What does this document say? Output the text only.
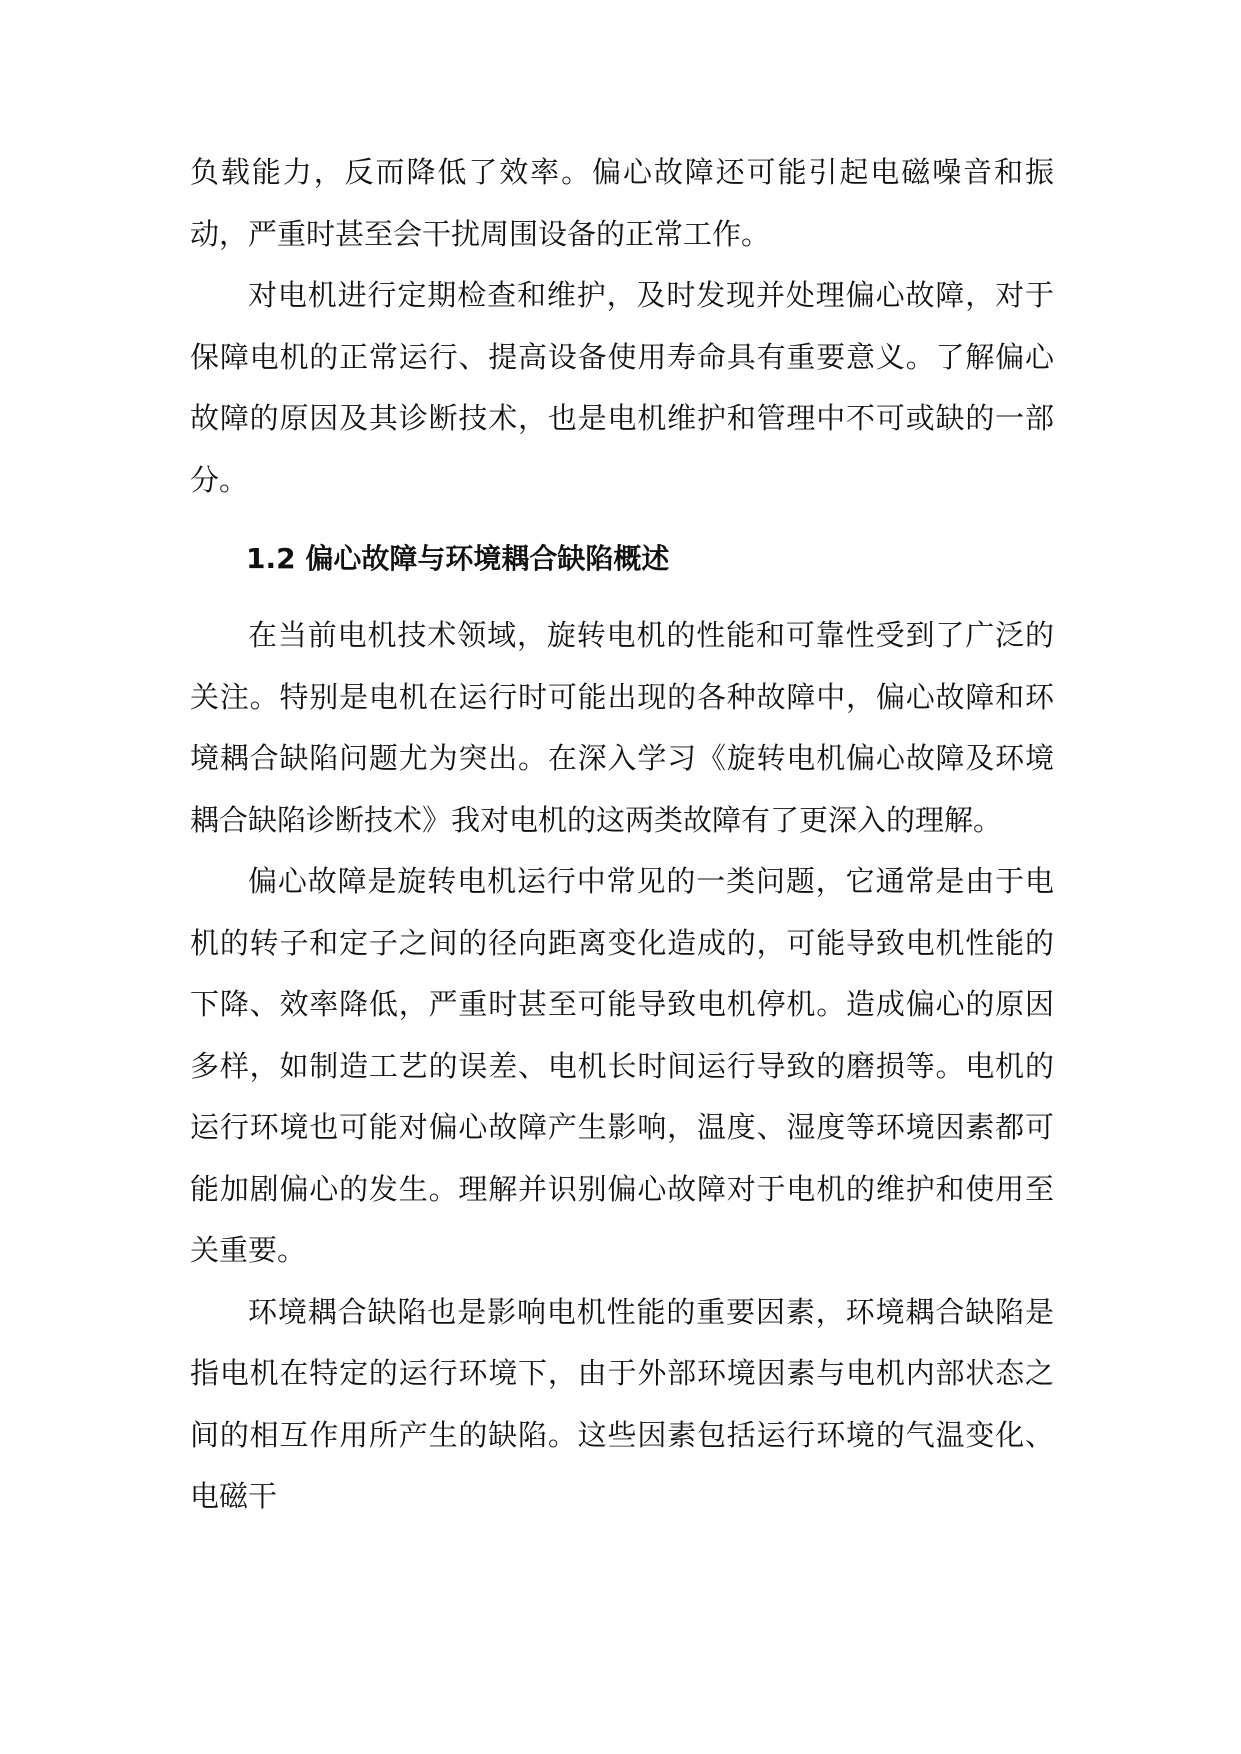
负载能力，反而降低了效率。偏心故障还可能引起电磁噪音和振动，严重时甚至会干扰周围设备的正常工作。

对电机进行定期检查和维护，及时发现并处理偏心故障，对于保障电机的正常运行、提高设备使用寿命具有重要意义。了解偏心故障的原因及其诊断技术，也是电机维护和管理中不可或缺的一部分。

1.2 偏心故障与环境耦合缺陷概述

在当前电机技术领域，旋转电机的性能和可靠性受到了广泛的关注。特别是电机在运行时可能出现的各种故障中，偏心故障和环境耦合缺陷问题尤为突出。在深入学习《旋转电机偏心故障及环境耦合缺陷诊断技术》我对电机的这两类故障有了更深入的理解。

偏心故障是旋转电机运行中常见的一类问题，它通常是由于电机的转子和定子之间的径向距离变化造成的，可能导致电机性能的下降、效率降低，严重时甚至可能导致电机停机。造成偏心的原因多样，如制造工艺的误差、电机长时间运行导致的磨损等。电机的运行环境也可能对偏心故障产生影响，温度、湿度等环境因素都可能加剧偏心的发生。理解并识别偏心故障对于电机的维护和使用至关重要。

环境耦合缺陷也是影响电机性能的重要因素，环境耦合缺陷是指电机在特定的运行环境下，由于外部环境因素与电机内部状态之间的相互作用所产生的缺陷。这些因素包括运行环境的气温变化、电磁干
